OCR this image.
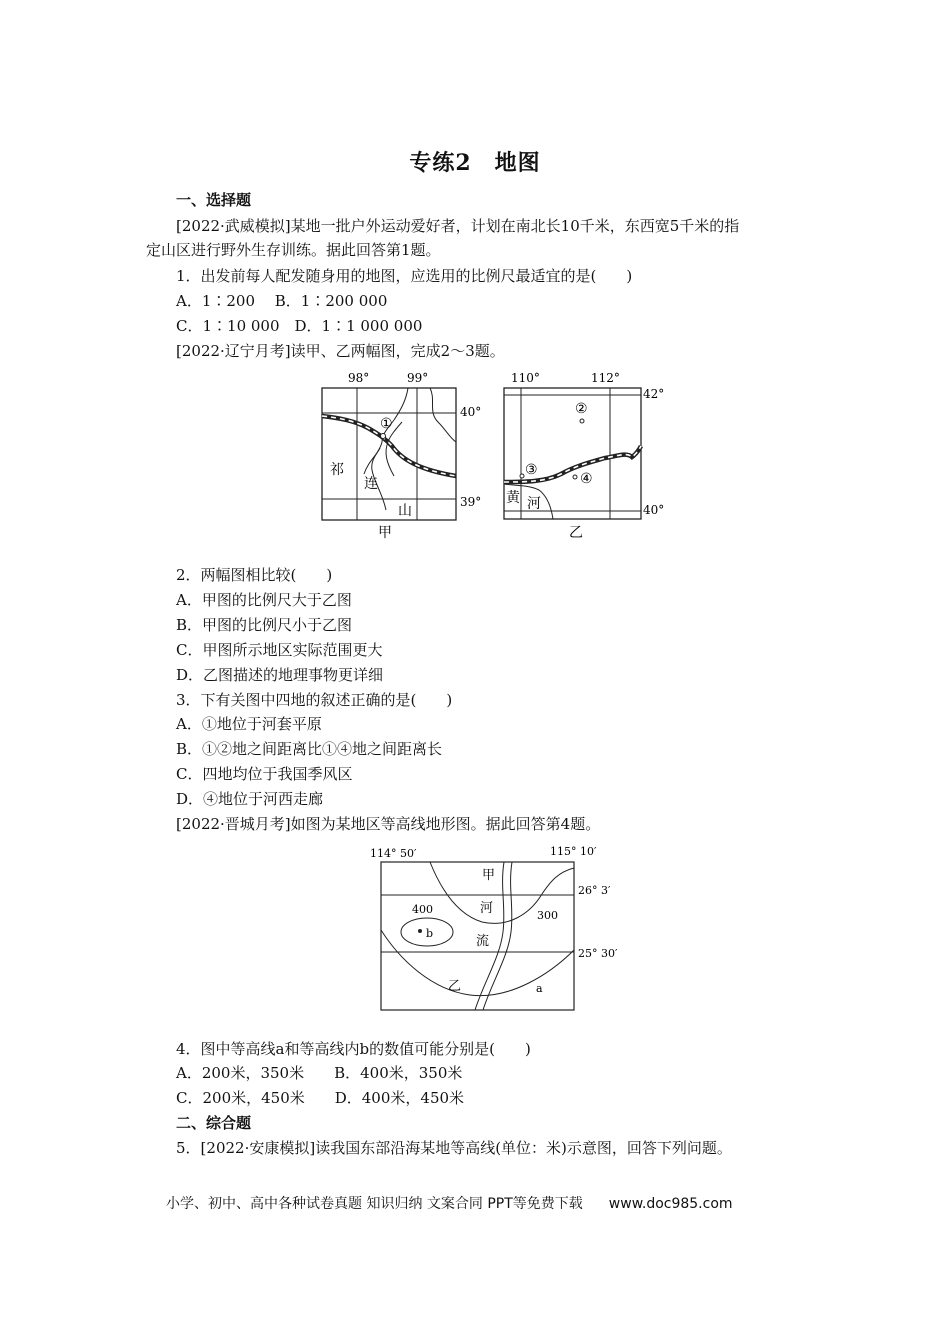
专练2　地图
一、选择题
[2022·武威模拟]某地一批户外运动爱好者，计划在南北长10千米，东西宽5千米的指
定山区进行野外生存训练。据此回答第1题。
1．出发前每人配发随身用的地图，应选用的比例尺最适宜的是(　　)
A．1∶200　 B．1∶200 000
C．1∶10 000　D．1∶1 000 000
[2022·辽宁月考]读甲、乙两幅图，完成2～3题。
98°	99°
40°
39°
①
祁
连
山
甲
110°	112°
42°
40°
②
③
④
黄 河
乙
2．两幅图相比较(　　)
A．甲图的比例尺大于乙图
B．甲图的比例尺小于乙图
C．甲图所示地区实际范围更大
D．乙图描述的地理事物更详细
3．下有关图中四地的叙述正确的是(　　)
A．①地位于河套平原
B．①②地之间距离比①④地之间距离长
C．四地均位于我国季风区
D．④地位于河西走廊
[2022·晋城月考]如图为某地区等高线地形图。据此回答第4题。
114° 50′	115° 10′
26° 3′
25° 30′
甲
河
流
乙
400	300
b
a
4．图中等高线a和等高线内b的数值可能分别是(　　)
A．200米，350米　　B．400米，350米
C．200米，450米　　D．400米，450米
二、综合题
5．[2022·安康模拟]读我国东部沿海某地等高线(单位：米)示意图，回答下列问题。
小学、初中、高中各种试卷真题 知识归纳 文案合同 PPT等免费下载 www.doc985.com
